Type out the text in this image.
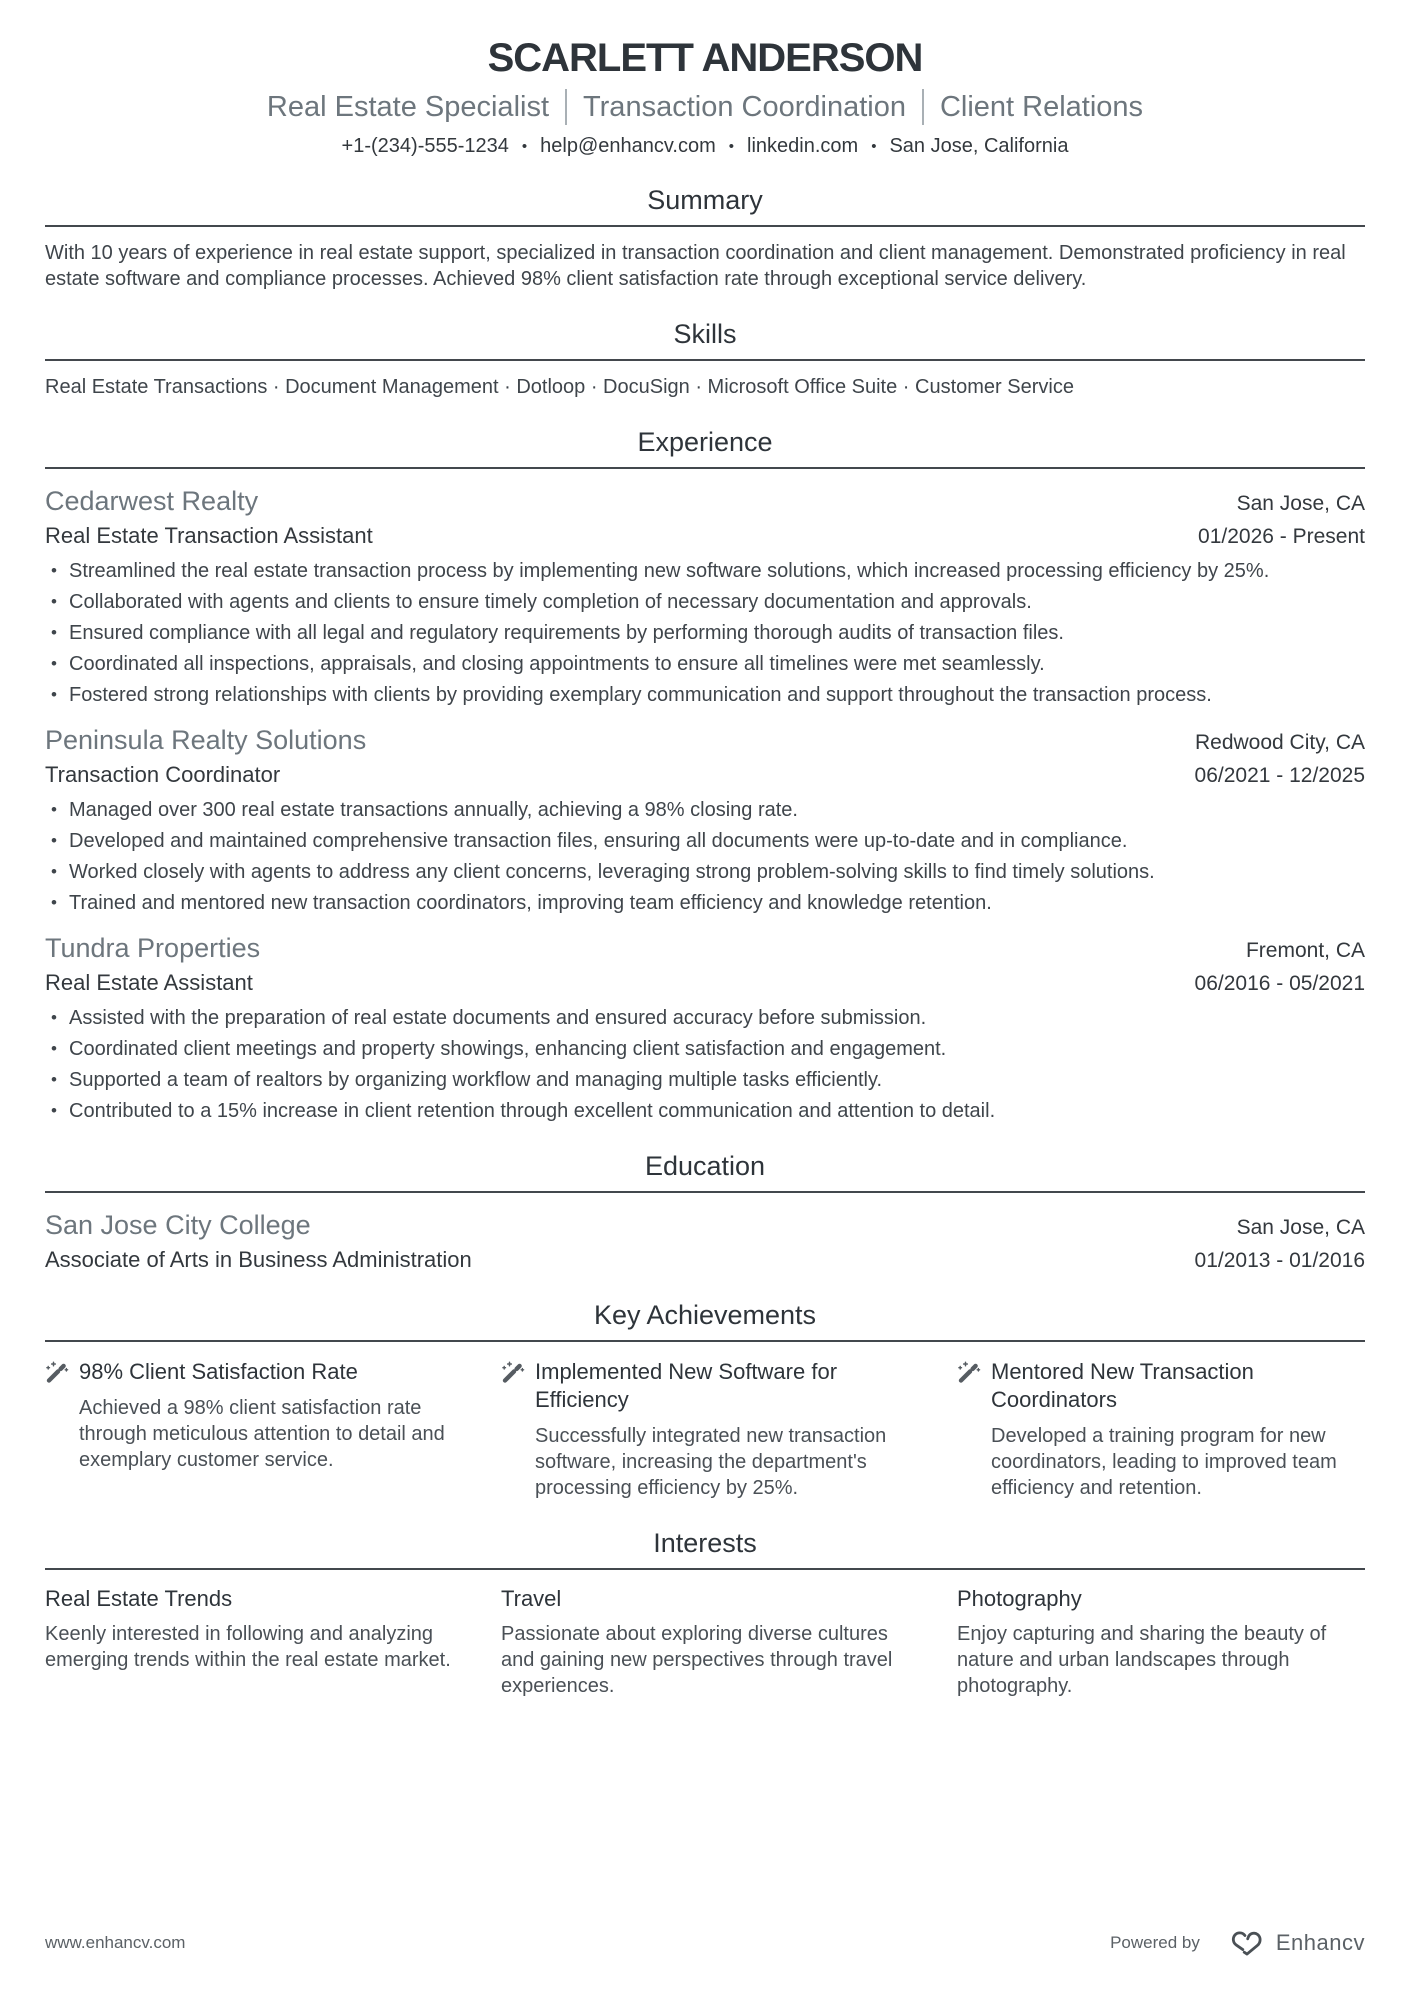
SCARLETT ANDERSON
Real Estate Specialist Transaction Coordination Client Relations
+1-(234)-555-1234 • help@enhancv.com • linkedin.com • San Jose, California
Summary

With 10 years of experience in real estate support, specialized in transaction coordination and client management. Demonstrated proficiency in real estate software and compliance processes. Achieved 98% client satisfaction rate through exceptional service delivery.

Skills

Real Estate Transactions · Document Management · Dotloop · DocuSign · Microsoft Office Suite · Customer Service

Experience
Cedarwest Realty	San Jose, CA
Real Estate Transaction Assistant	01/2026 - Present
• Streamlined the real estate transaction process by implementing new software solutions, which increased processing efficiency by 25%.
• Collaborated with agents and clients to ensure timely completion of necessary documentation and approvals.
• Ensured compliance with all legal and regulatory requirements by performing thorough audits of transaction files.
• Coordinated all inspections, appraisals, and closing appointments to ensure all timelines were met seamlessly.
• Fostered strong relationships with clients by providing exemplary communication and support throughout the transaction process.
Peninsula Realty Solutions	Redwood City, CA
Transaction Coordinator	06/2021 - 12/2025
• Managed over 300 real estate transactions annually, achieving a 98% closing rate.
• Developed and maintained comprehensive transaction files, ensuring all documents were up-to-date and in compliance.
• Worked closely with agents to address any client concerns, leveraging strong problem-solving skills to find timely solutions.
• Trained and mentored new transaction coordinators, improving team efficiency and knowledge retention.
Tundra Properties	Fremont, CA
Real Estate Assistant	06/2016 - 05/2021
• Assisted with the preparation of real estate documents and ensured accuracy before submission.
• Coordinated client meetings and property showings, enhancing client satisfaction and engagement.
• Supported a team of realtors by organizing workflow and managing multiple tasks efficiently.
• Contributed to a 15% increase in client retention through excellent communication and attention to detail.
Education
San Jose City College	San Jose, CA
Associate of Arts in Business Administration	01/2013 - 01/2016
Key Achievements
98% Client Satisfaction Rate

Achieved a 98% client satisfaction rate through meticulous attention to detail and exemplary customer service.

Implemented New Software for Efficiency

Successfully integrated new transaction software, increasing the department's processing efficiency by 25%.

Mentored New Transaction Coordinators

Developed a training program for new coordinators, leading to improved team efficiency and retention.

Interests
Real Estate Trends

Keenly interested in following and analyzing emerging trends within the real estate market.

Travel

Passionate about exploring diverse cultures and gaining new perspectives through travel experiences.

Photography

Enjoy capturing and sharing the beauty of nature and urban landscapes through photography.

www.enhancv.com	Powered by	Enhancv
